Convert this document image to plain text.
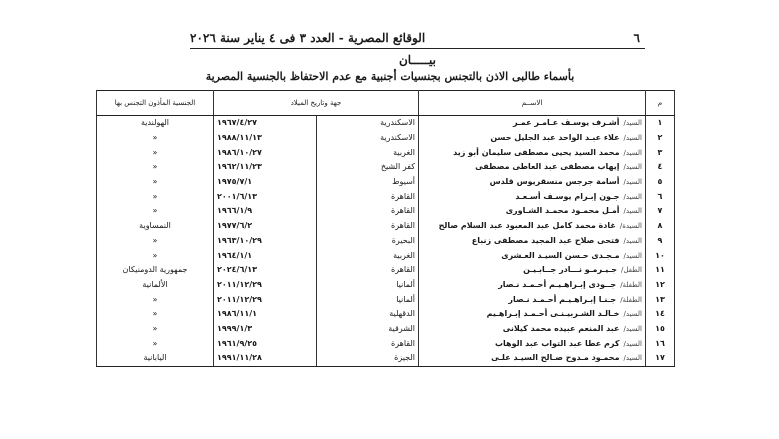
٦
الوقائع المصرية - العدد ٣ فى ٤ يناير سنة ٢٠٢٦
بيـــــان
بأسماء طالبى الاذن بالتجنس بجنسيات أجنبية مع عدم الاحتفاظ بالجنسية المصرية
م	الاســم	جهة وتاريخ الميلاد		الجنسية المأذون التجنس بها
١	السيد/أشـرف يوسـف عـامـر عمـر	الاسكندرية	١٩٦٧/٤/٢٧	الهولندية
٢	السيد/علاء عبـد الواحد عبد الجليل حسن	الاسكندرية	١٩٨٨/١١/١٣	«
٣	السيد/محمد السيد يحيى مصطفى سليمان أبو زيد	الغربية	١٩٨٦/١٠/٢٧	«
٤	السيد/إيهاب مصطفى عبد العاطى مصطفى	كفر الشيخ	١٩٦٢/١١/٢٣	«
٥	السيد/أسامة جرجس منسقريوس قلدس	أسيوط	١٩٧٥/٧/١	«
٦	السيد/جـون إبـرام يوسـف أسـعـد	القاهرة	٢٠٠١/٦/١٣	«
٧	السيد/أمـل محمـود محمـد الشـاورى	القاهرة	١٩٦٦/١/٩	«
٨	السيدة/غادة محمد كامل عبد المعبود عبد السلام صالح	القاهرة	١٩٧٧/٦/٢	النمساوية
٩	السيد/فتحى صلاح عبد المجيد مصطفى زنباع	البحيرة	١٩٦٣/١٠/٢٩	«
١٠	السيد/مـجـدى حـسن السيـد العـشرى	الغربية	١٩٦٤/١/١	«
١١	الطفل/جـيـرمـو نـــادر جــابـيـن	القاهرة	٢٠٢٤/٦/١٣	جمهورية الدومنيكان
١٢	الطفلة/جــودى إبـراهـيـم أحـمـد نـصار	ألمانيا	٢٠١١/١٢/٢٩	الألمانية
١٣	الطفلة/جـنـا إبـراهـيـم أحـمـد نـصار	ألمانيا	٢٠١١/١٢/٢٩	«
١٤	السيد/خـالـد الشـربيـنـى أحـمـد إبـراهـيم	الدقهلية	١٩٨٦/١١/١	«
١٥	السيد/عبد المنعم عبيده محمد كيلانى	الشرقية	١٩٩٩/١/٣	«
١٦	السيد/كرم عطا عبد التواب عبد الوهاب	القاهرة	١٩٦١/٩/٢٥	«
١٧	السيد/محمـود مـدوح صـالح السيـد علـى	الجيزة	١٩٩١/١١/٢٨	اليابانية
